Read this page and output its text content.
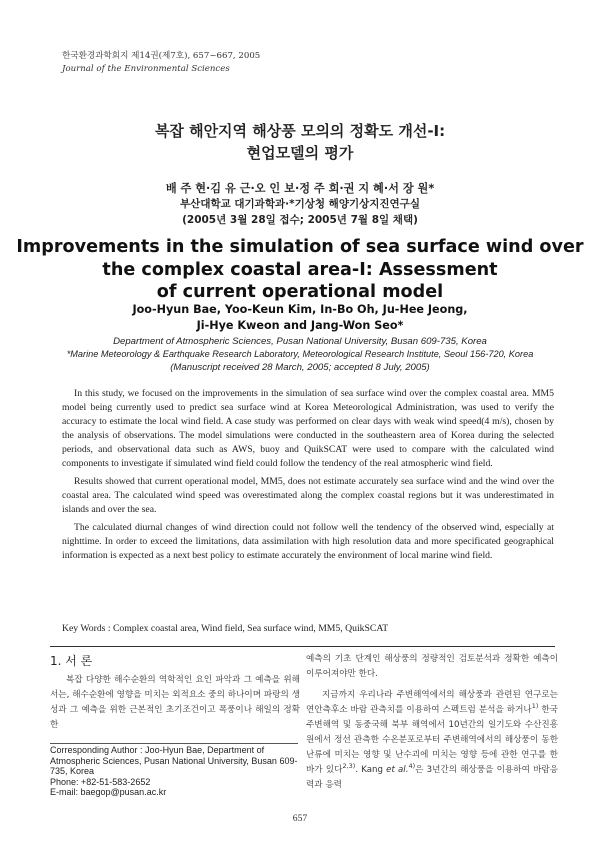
한국환경과학회지 제14권(제7호), 657~667, 2005
Journal of the Environmental Sciences
복잡 해안지역 해상풍 모의의 정확도 개선-Ⅰ:
현업모델의 평가
배 주 현·김 유 근·오 인 보·정 주 희·권 지 혜·서 장 원*
부산대학교 대기과학과·*기상청 해양기상지진연구실
(2005년 3월 28일 접수; 2005년 7월 8일 채택)
Improvements in the simulation of sea surface wind over
the complex coastal area-Ⅰ: Assessment
of current operational model
Joo-Hyun Bae, Yoo-Keun Kim, In-Bo Oh, Ju-Hee Jeong,
Ji-Hye Kweon and Jang-Won Seo*
Department of Atmospheric Sciences, Pusan National University, Busan 609-735, Korea
*Marine Meteorology & Earthquake Research Laboratory, Meteorological Research Institute, Seoul 156-720, Korea
(Manuscript received 28 March, 2005; accepted 8 July, 2005)

In this study, we focused on the improvements in the simulation of sea surface wind over the complex coastal area. MM5 model being currently used to predict sea surface wind at Korea Meteorological Administration, was used to verify the accuracy to estimate the local wind field. A case study was performed on clear days with weak wind speed(4 m/s), chosen by the analysis of observations. The model simulations were conducted in the southeastern area of Korea during the selected periods, and observational data such as AWS, buoy and QuikSCAT were used to compare with the calculated wind components to investigate if simulated wind field could follow the tendency of the real atmospheric wind field.

Results showed that current operational model, MM5, does not estimate accurately sea surface wind and the wind over the coastal area. The calculated wind speed was overestimated along the complex coastal regions but it was underestimated in islands and over the sea.

The calculated diurnal changes of wind direction could not follow well the tendency of the observed wind, especially at nighttime. In order to exceed the limitations, data assimilation with high resolution data and more specificated geographical information is expected as a next best policy to estimate accurately the environment of local marine wind field.

Key Words : Complex coastal area, Wind field, Sea surface wind, MM5, QuikSCAT
1. 서 론

복잡 다양한 해수순환의 역학적인 요인 파악과 그 예측을 위해서는, 해수순환에 영향을 미치는 외적요소 중의 하나이며 파랑의 생성과 그 예측을 위한 근본적인 초기조건이고 폭풍이나 해일의 정확한

예측의 기초 단계인 해상풍의 정량적인 검토분석과 정확한 예측이 이루어져야만 한다.

지금까지 우리나라 주변해역에서의 해상풍과 관련된 연구로는 연안측후소 바람 관측치를 이용하여 스펙트럼 분석을 하거나$^{1)}$ 한국 주변해역 및 동중국해 북부 해역에서 10년간의 일기도와 수산진흥원에서 정선 관측한 수온분포로부터 주변해역에서의 해상풍이 동한난류에 미치는 영향 및 난수괴에 미치는 영향 등에 관한 연구를 한 바가 있다$^{2,3)}$. Kang et al.$^{4)}$은 3년간의 해상풍을 이용하여 바람응력과 응력

Corresponding Author : Joo-Hyun Bae, Department of Atmospheric Sciences, Pusan National University, Busan 609-735, Korea
Phone: +82-51-583-2652
E-mail: baegop@pusan.ac.kr
657
